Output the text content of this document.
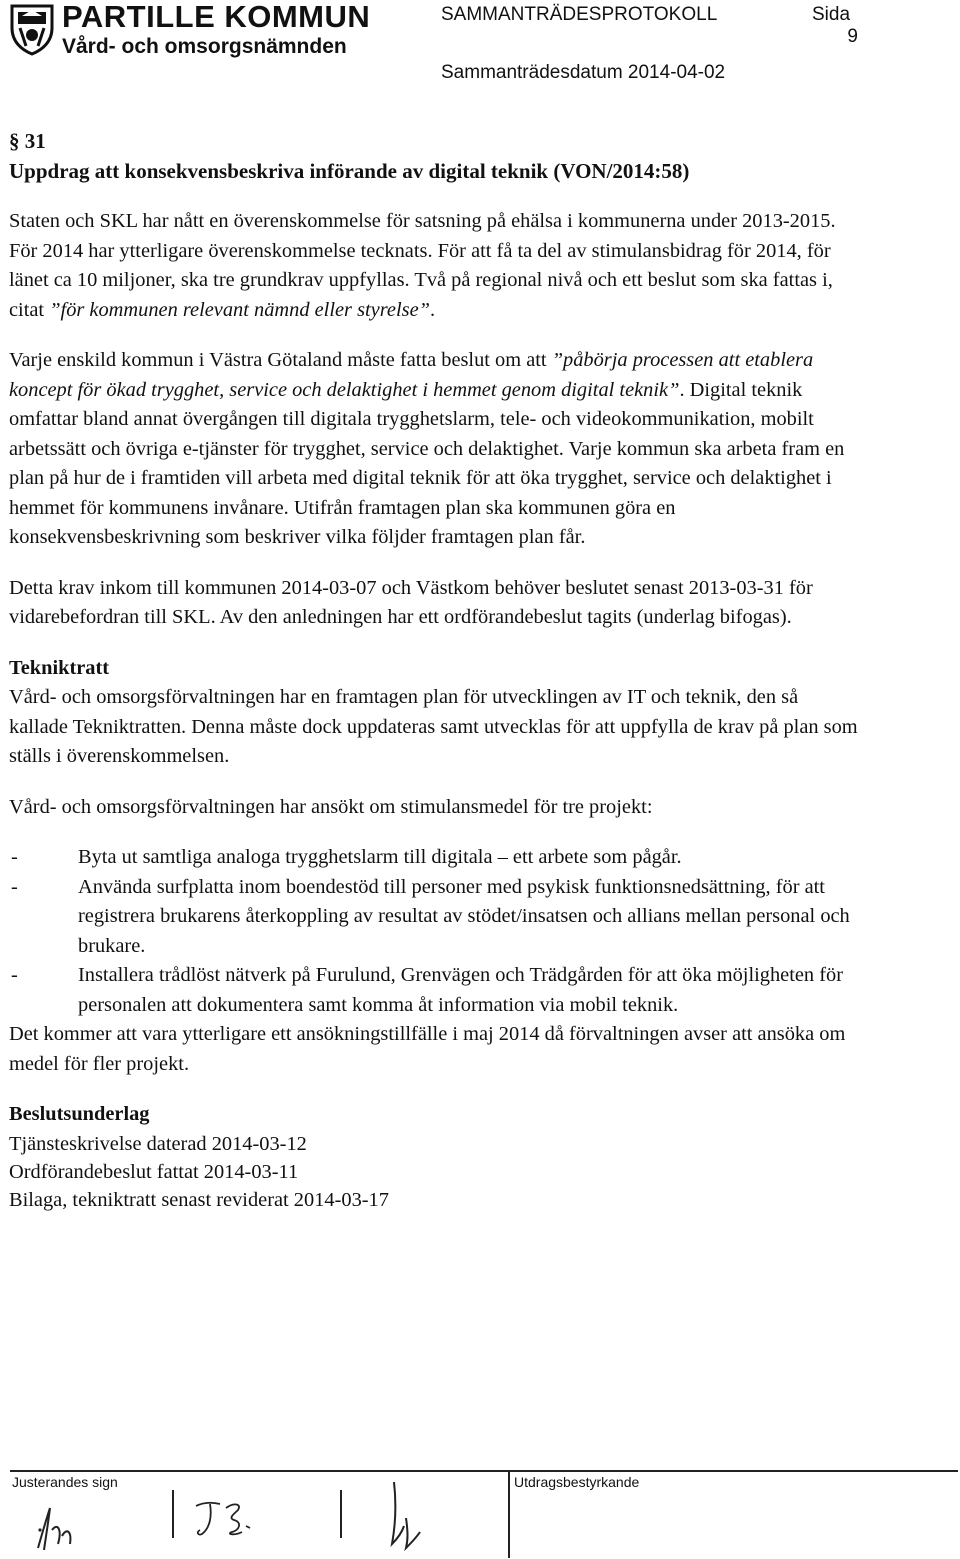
PARTILLE KOMMUN
Vård- och omsorgsnämnden
SAMMANTRÄDESPROTOKOLL	Sida
9
Sammanträdesdatum 2014-04-02

§ 31

Uppdrag att konsekvensbeskriva införande av digital teknik (VON/2014:58)

Staten och SKL har nått en överenskommelse för satsning på ehälsa i kommunerna under 2013-2015. För 2014 har ytterligare överenskommelse tecknats. För att få ta del av stimulansbidrag för 2014, för länet ca 10 miljoner, ska tre grundkrav uppfyllas. Två på regional nivå och ett beslut som ska fattas i, citat ”för kommunen relevant nämnd eller styrelse”.

Varje enskild kommun i Västra Götaland måste fatta beslut om att ”påbörja processen att etablera koncept för ökad trygghet, service och delaktighet i hemmet genom digital teknik”. Digital teknik omfattar bland annat övergången till digitala trygghetslarm, tele- och videokommunikation, mobilt arbetssätt och övriga e-tjänster för trygghet, service och delaktighet. Varje kommun ska arbeta fram en plan på hur de i framtiden vill arbeta med digital teknik för att öka trygghet, service och delaktighet i hemmet för kommunens invånare. Utifrån framtagen plan ska kommunen göra en konsekvensbeskrivning som beskriver vilka följder framtagen plan får.

Detta krav inkom till kommunen 2014-03-07 och Västkom behöver beslutet senast 2013-03-31 för vidarebefordran till SKL. Av den anledningen har ett ordförandebeslut tagits (underlag bifogas).

Tekniktratt

Vård- och omsorgsförvaltningen har en framtagen plan för utvecklingen av IT och teknik, den så kallade Tekniktratten. Denna måste dock uppdateras samt utvecklas för att uppfylla de krav på plan som ställs i överenskommelsen.

Vård- och omsorgsförvaltningen har ansökt om stimulansmedel för tre projekt:

- Byta ut samtliga analoga trygghetslarm till digitala – ett arbete som pågår.
- Använda surfplatta inom boendestöd till personer med psykisk funktionsnedsättning, för att registrera brukarens återkoppling av resultat av stödet/insatsen och allians mellan personal och brukare.
- Installera trådlöst nätverk på Furulund, Grenvägen och Trädgården för att öka möjligheten för personalen att dokumentera samt komma åt information via mobil teknik.

Det kommer att vara ytterligare ett ansökningstillfälle i maj 2014 då förvaltningen avser att ansöka om medel för fler projekt.

Beslutsunderlag

Tjänsteskrivelse daterad 2014-03-12
Ordförandebeslut fattat 2014-03-11
Bilaga, tekniktratt senast reviderat 2014-03-17
Justerandes sign	Utdragsbestyrkande
